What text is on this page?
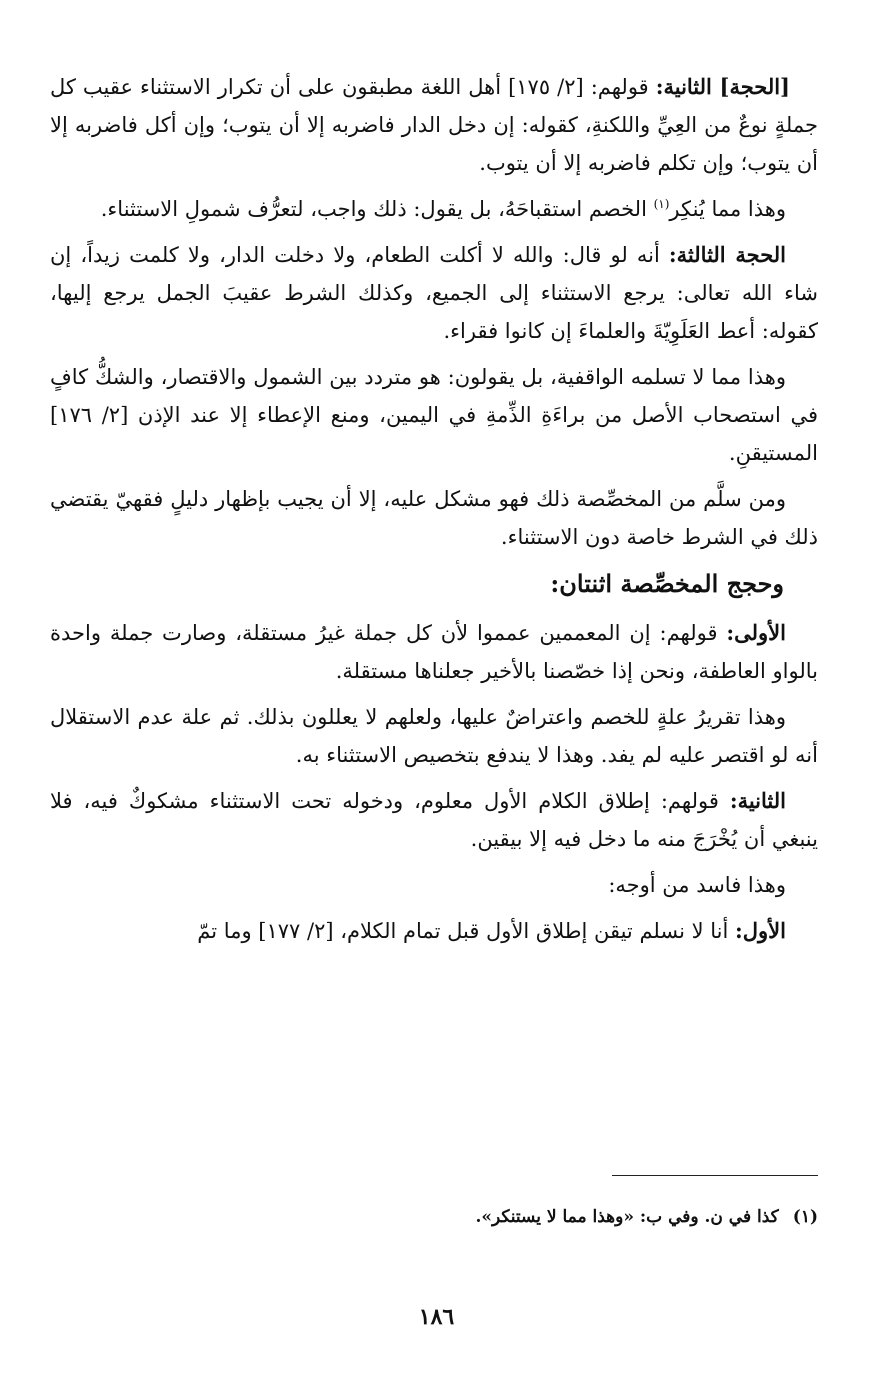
[الحجة] الثانية: قولهم: [٢/ ١٧٥] أهل اللغة مطبقون على أن تكرار الاستثناء عقيب كل جملةٍ نوعٌ من العِيِّ واللكنةِ، كقوله: إن دخل الدار فاضربه إلا أن يتوب؛ وإن أكل فاضربه إلا أن يتوب؛ وإن تكلم فاضربه إلا أن يتوب.

وهذا مما يُنكِر$^{(١)}$ الخصم استقباحَهُ، بل يقول: ذلك واجب، لتعرُّف شمولِ الاستثناء.

الحجة الثالثة: أنه لو قال: والله لا أكلت الطعام، ولا دخلت الدار، ولا كلمت زيداً، إن شاء الله تعالى: يرجع الاستثناء إلى الجميع، وكذلك الشرط عقيبَ الجمل يرجع إليها، كقوله: أعط العَلَوِيّةَ والعلماءَ إن كانوا فقراء.

وهذا مما لا تسلمه الواقفية، بل يقولون: هو متردد بين الشمول والاقتصار، والشكُّ كافٍ في استصحاب الأصل من براءَةِ الذِّمةِ في اليمين، ومنع الإعطاء إلا عند الإذن [٢/ ١٧٦] المستيقنِ.

ومن سلَّم من المخصِّصة ذلك فهو مشكل عليه، إلا أن يجيب بإظهار دليلٍ فقهيّ يقتضي ذلك في الشرط خاصة دون الاستثناء.

وحجج المخصِّصة اثنتان:

الأولى: قولهم: إن المعممين عمموا لأن كل جملة غيرُ مستقلة، وصارت جملة واحدة بالواو العاطفة، ونحن إذا خصّصنا بالأخير جعلناها مستقلة.

وهذا تقريرُ علةٍ للخصم واعتراضٌ عليها، ولعلهم لا يعللون بذلك. ثم علة عدم الاستقلال أنه لو اقتصر عليه لم يفد. وهذا لا يندفع بتخصيص الاستثناء به.

الثانية: قولهم: إطلاق الكلام الأول معلوم، ودخوله تحت الاستثناء مشكوكٌ فيه، فلا ينبغي أن يُخْرَجَ منه ما دخل فيه إلا بيقين.

وهذا فاسد من أوجه:

الأول: أنا لا نسلم تيقن إطلاق الأول قبل تمام الكلام، [٢/ ١٧٧] وما تمّ

(١)كذا في ن. وفي ب: «وهذا مما لا يستنكر».
١٨٦
